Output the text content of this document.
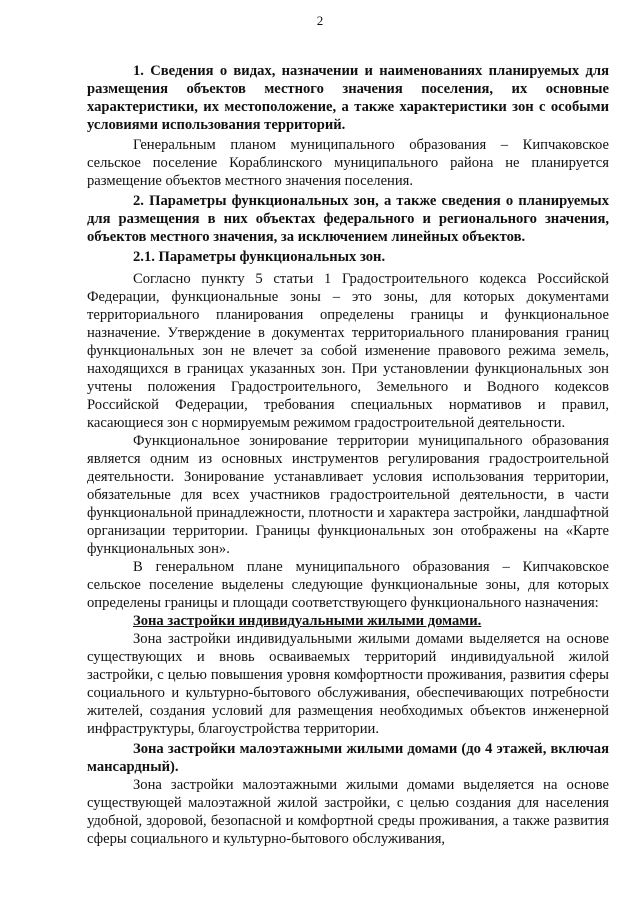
2

1. Сведения о видах, назначении и наименованиях планируемых для размещения объектов местного значения поселения, их основные характеристики, их местоположение, а также характеристики зон с особыми условиями использования территорий.

Генеральным планом муниципального образования – Кипчаковское сельское поселение Кораблинского муниципального района не планируется размещение объектов местного значения поселения.

2. Параметры функциональных зон, а также сведения о планируемых для размещения в них объектах федерального и регионального значения, объектов местного значения, за исключением линейных объектов.

2.1. Параметры функциональных зон.

Согласно пункту 5 статьи 1 Градостроительного кодекса Российской Федерации, функциональные зоны – это зоны, для которых документами территориального планирования определены границы и функциональное назначение. Утверждение в документах территориального планирования границ функциональных зон не влечет за собой изменение правового режима земель, находящихся в границах указанных зон. При установлении функциональных зон учтены положения Градостроительного, Земельного и Водного кодексов Российской Федерации, требования специальных нормативов и правил, касающиеся зон с нормируемым режимом градостроительной деятельности.

Функциональное зонирование территории муниципального образования является одним из основных инструментов регулирования градостроительной деятельности. Зонирование устанавливает условия использования территории, обязательные для всех участников градостроительной деятельности, в части функциональной принадлежности, плотности и характера застройки, ландшафтной организации территории. Границы функциональных зон отображены на «Карте функциональных зон».

В генеральном плане муниципального образования – Кипчаковское сельское поселение выделены следующие функциональные зоны, для которых определены границы и площади соответствующего функционального назначения:

Зона застройки индивидуальными жилыми домами.

Зона застройки индивидуальными жилыми домами выделяется на основе существующих и вновь осваиваемых территорий индивидуальной жилой застройки, с целью повышения уровня комфортности проживания, развития сферы социального и культурно-бытового обслуживания, обеспечивающих потребности жителей, создания условий для размещения необходимых объектов инженерной инфраструктуры, благоустройства территории.

Зона застройки малоэтажными жилыми домами (до 4 этажей, включая мансардный).

Зона застройки малоэтажными жилыми домами выделяется на основе существующей малоэтажной жилой застройки, с целью создания для населения удобной, здоровой, безопасной и комфортной среды проживания, а также развития сферы социального и культурно-бытового обслуживания,
